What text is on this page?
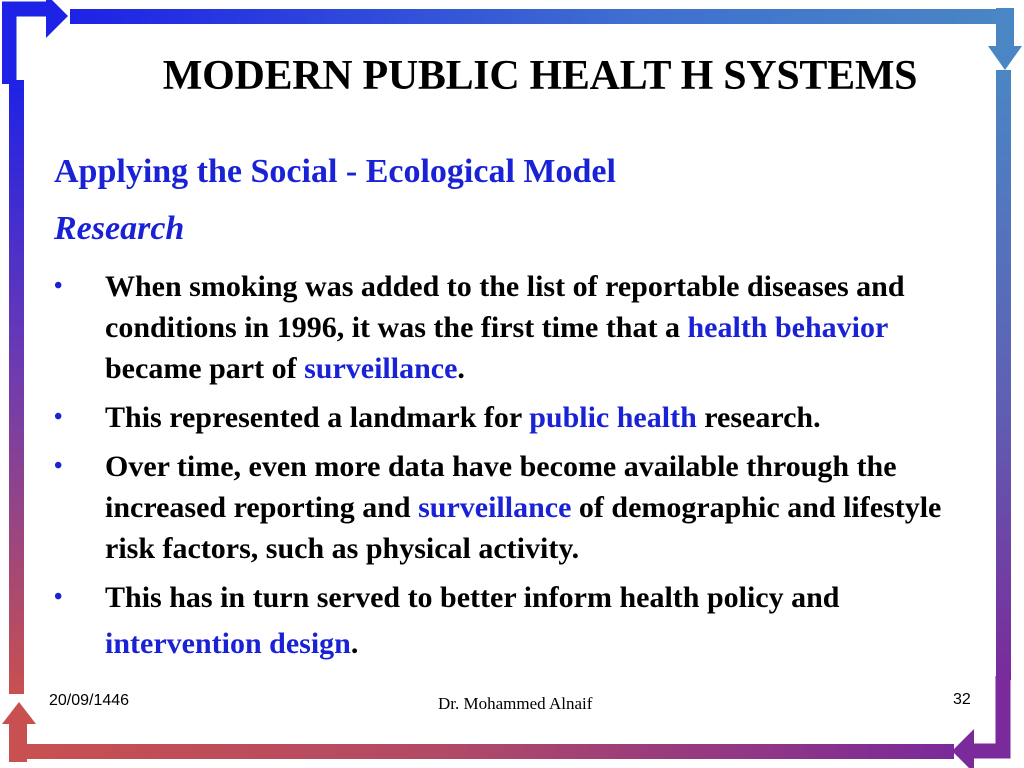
MODERN PUBLIC HEALT H SYSTEMS
Applying the Social - Ecological Model
Research
• When smoking was added to the list of reportable diseases and conditions in 1996, it was the first time that a health behavior became part of surveillance.
• This represented a landmark for public health research.
• Over time, even more data have become available through the increased reporting and surveillance of demographic and lifestyle risk factors, such as physical activity.
• This has in turn served to better inform health policy and
intervention design.
20/09/1446	Dr. Mohammed Alnaif	32
